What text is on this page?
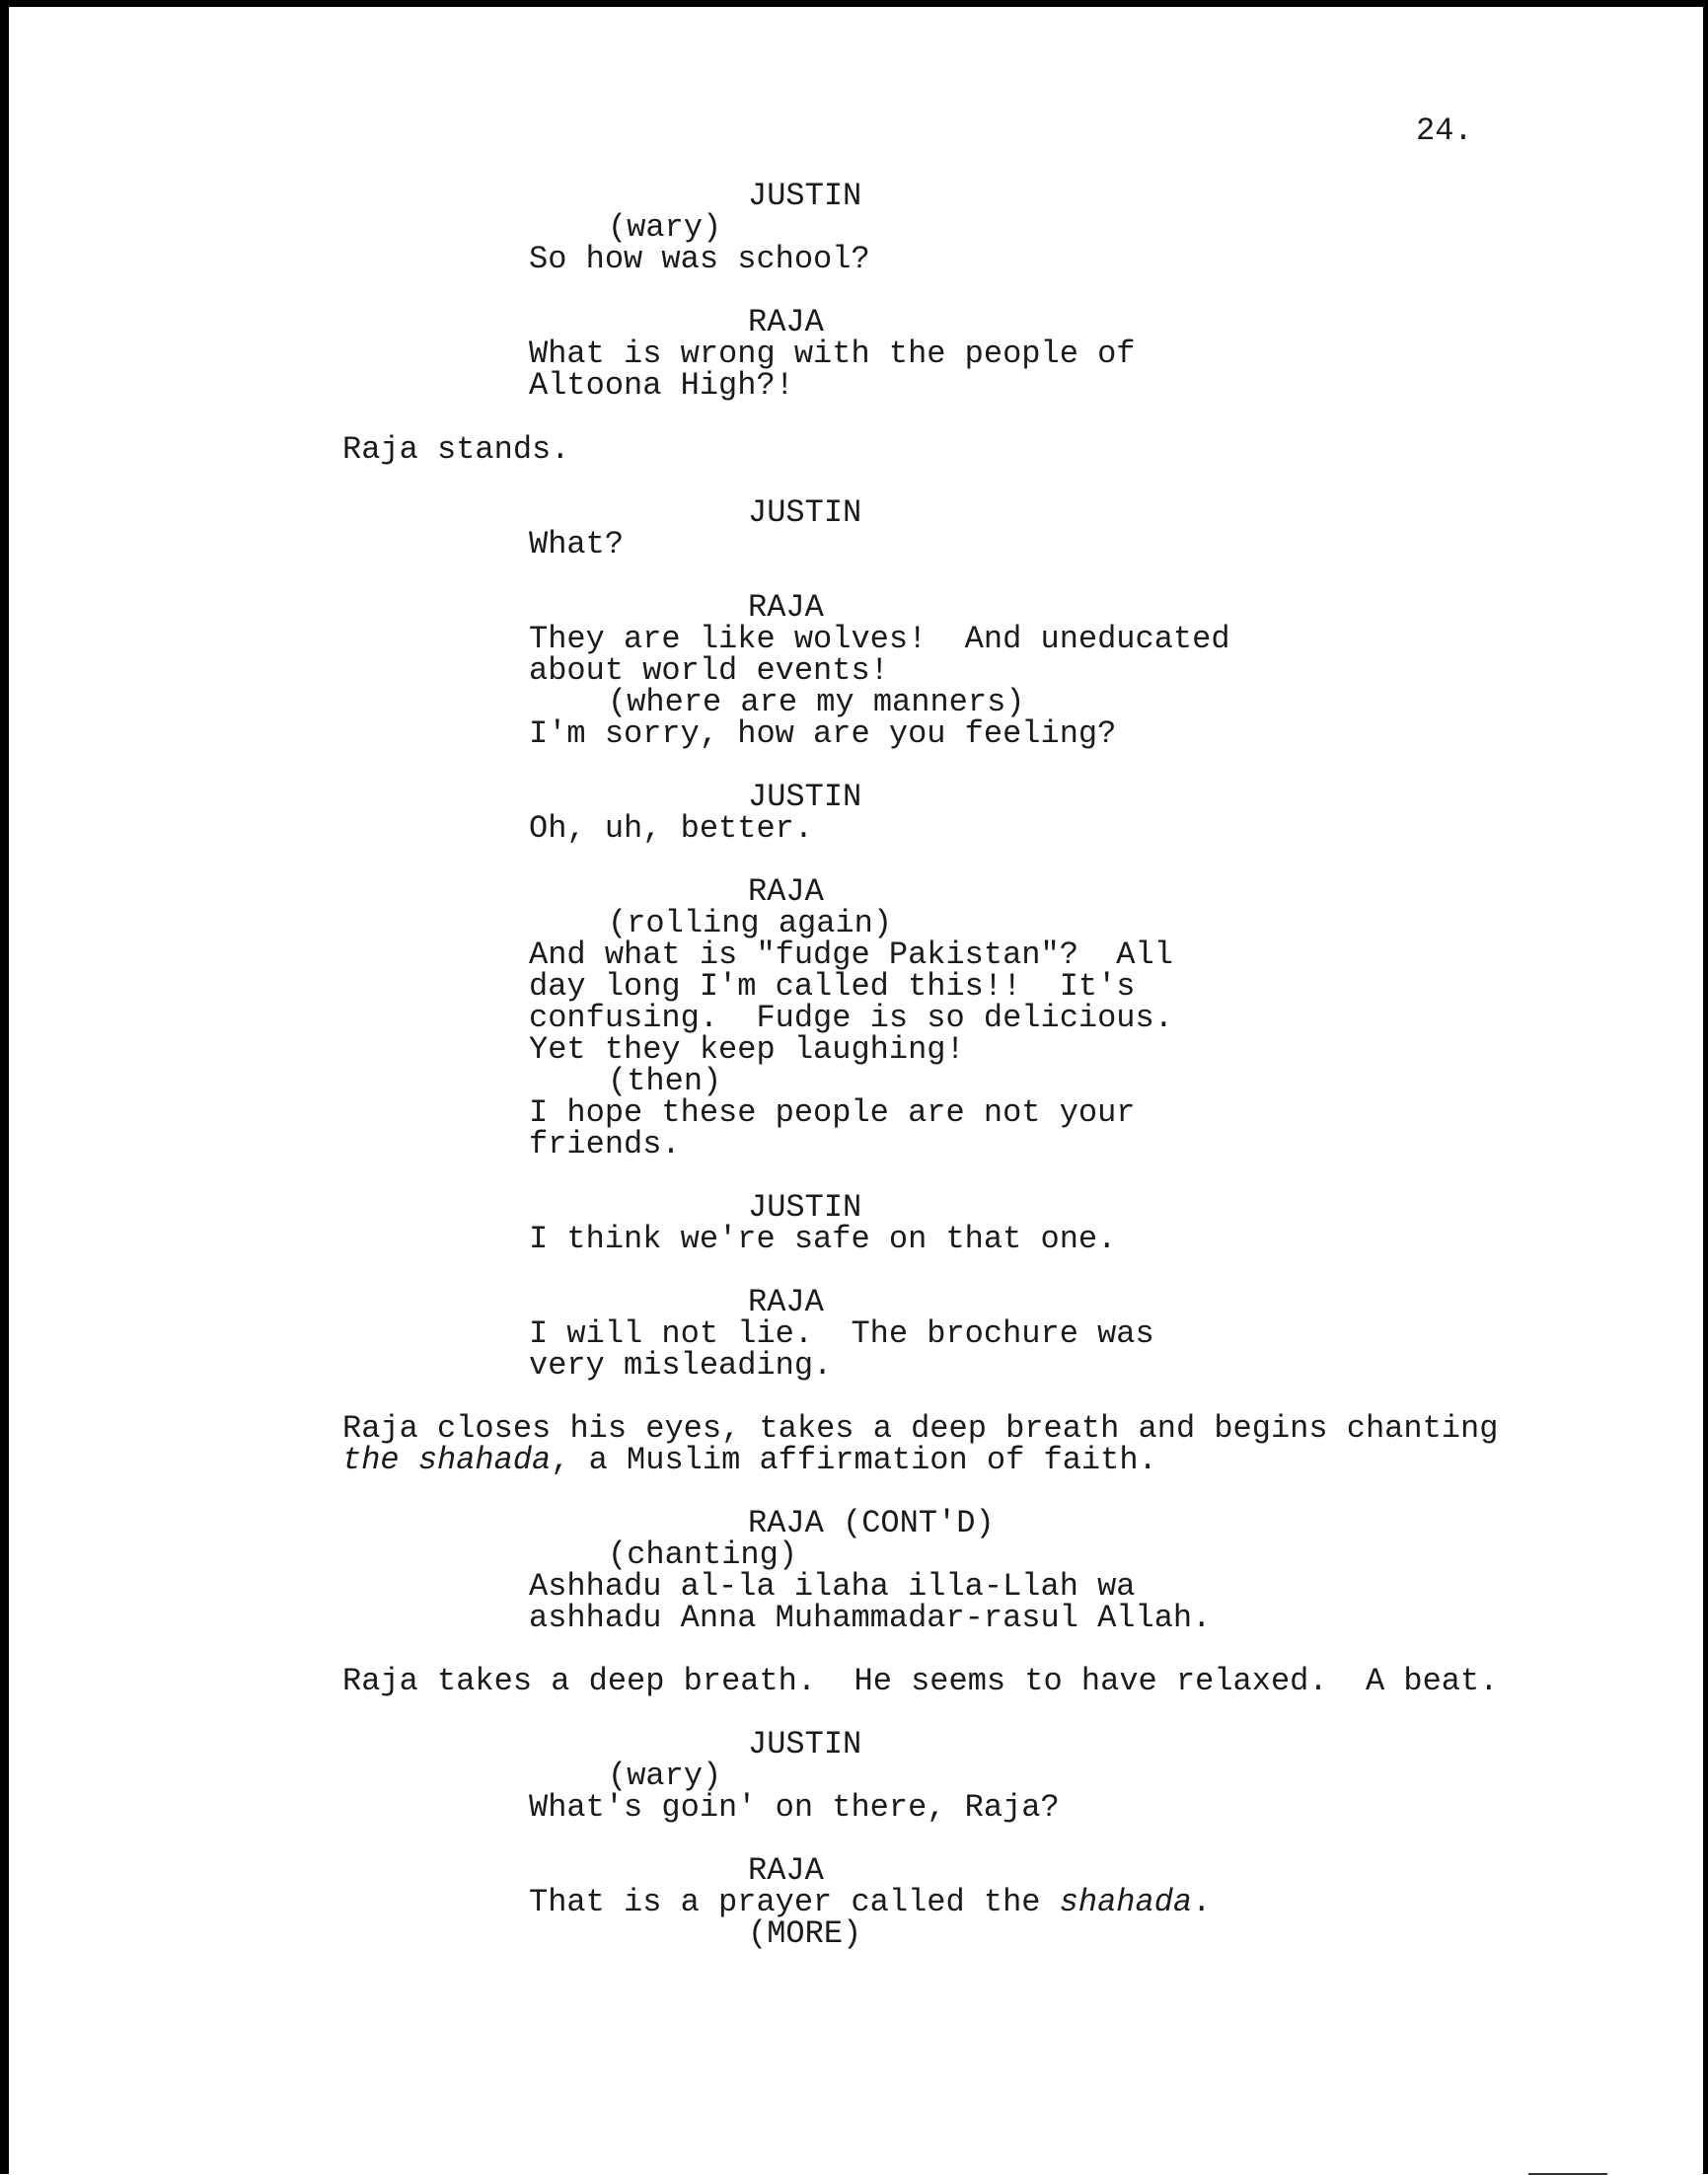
24.
JUSTIN
(wary)
So how was school?
RAJA
What is wrong with the people of
Altoona High?!
Raja stands.
JUSTIN
What?
RAJA
They are like wolves!  And uneducated
about world events!
(where are my manners)
I'm sorry, how are you feeling?
JUSTIN
Oh, uh, better.
RAJA
(rolling again)
And what is "fudge Pakistan"?  All
day long I'm called this!!  It's
confusing.  Fudge is so delicious.
Yet they keep laughing!
(then)
I hope these people are not your
friends.
JUSTIN
I think we're safe on that one.
RAJA
I will not lie.  The brochure was
very misleading.
Raja closes his eyes, takes a deep breath and begins chanting
the shahada, a Muslim affirmation of faith.
RAJA (CONT'D)
(chanting)
Ashhadu al-la ilaha illa-Llah wa
ashhadu Anna Muhammadar-rasul Allah.
Raja takes a deep breath.  He seems to have relaxed.  A beat.
JUSTIN
(wary)
What's goin' on there, Raja?
RAJA
That is a prayer called the shahada.
(MORE)
